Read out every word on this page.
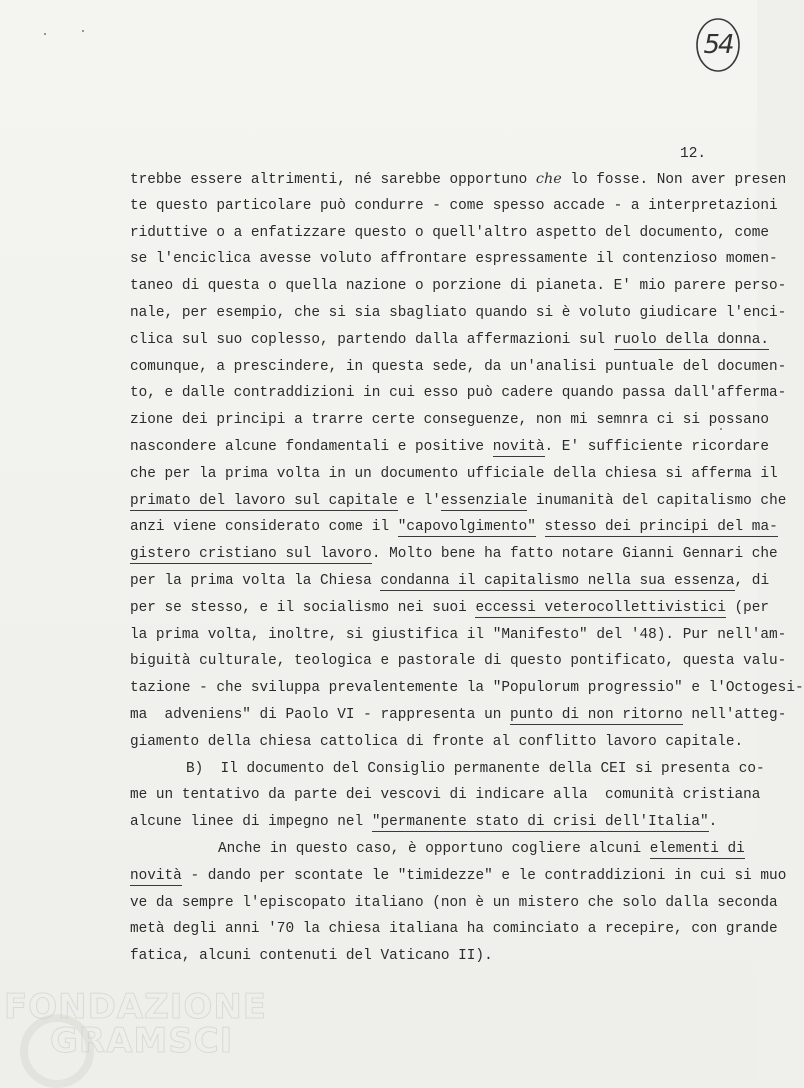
54
12.
trebbe essere altrimenti, né sarebbe opportuno che lo fosse. Non aver presen
te questo particolare può condurre - come spesso accade - a interpretazioni
riduttive o a enfatizzare questo o quell'altro aspetto del documento, come
se l'enciclica avesse voluto affrontare espressamente il contenzioso momen-
taneo di questa o quella nazione o porzione di pianeta. E' mio parere perso-
nale, per esempio, che si sia sbagliato quando si è voluto giudicare l'enci-
clica sul suo coplesso, partendo dalla affermazioni sul ruolo della donna.
comunque, a prescindere, in questa sede, da un'analisi puntuale del documen-
to, e dalle contraddizioni in cui esso può cadere quando passa dall'afferma-
zione dei principi a trarre certe conseguenze, non mi semnra ci si possano
nascondere alcune fondamentali e positive novità. E' sufficiente ricordare
che per la prima volta in un documento ufficiale della chiesa si afferma il
primato del lavoro sul capitale e l'essenziale inumanità del capitalismo che
anzi viene considerato come il "capovolgimento" stesso dei principi del ma-
gistero cristiano sul lavoro. Molto bene ha fatto notare Gianni Gennari che
per la prima volta la Chiesa condanna il capitalismo nella sua essenza, di
per se stesso, e il socialismo nei suoi eccessi veterocollettivistici (per
la prima volta, inoltre, si giustifica il "Manifesto" del '48). Pur nell'am-
biguità culturale, teologica e pastorale di questo pontificato, questa valu-
tazione - che sviluppa prevalentemente la "Populorum progressio" e l'Octogesi-
ma  adveniens" di Paolo VI - rappresenta un punto di non ritorno nell'atteg-
giamento della chiesa cattolica di fronte al conflitto lavoro capitale.
B)  Il documento del Consiglio permanente della CEI si presenta co-
me un tentativo da parte dei vescovi di indicare alla  comunità cristiana
alcune linee di impegno nel "permanente stato di crisi dell'Italia".
Anche in questo caso, è opportuno cogliere alcuni elementi di
novità - dando per scontate le "timidezze" e le contraddizioni in cui si muo
ve da sempre l'episcopato italiano (non è un mistero che solo dalla seconda
metà degli anni '70 la chiesa italiana ha cominciato a recepire, con grande
fatica, alcuni contenuti del Vaticano II).
FONDAZIONE
GRAMSCI
